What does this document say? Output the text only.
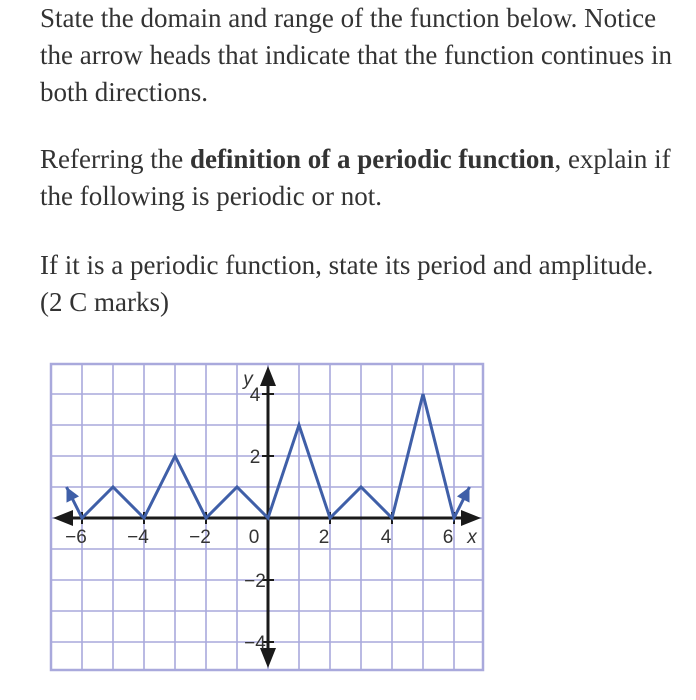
State the domain and range of the function below. Notice the arrow heads that indicate that the function continues in both directions.

Referring the definition of a periodic function, explain if the following is periodic or not.

If it is a periodic function, state its period and amplitude. (2 C marks)

−6 −4 −2 0	2	4	6
4
2
−2
−4
y
x
